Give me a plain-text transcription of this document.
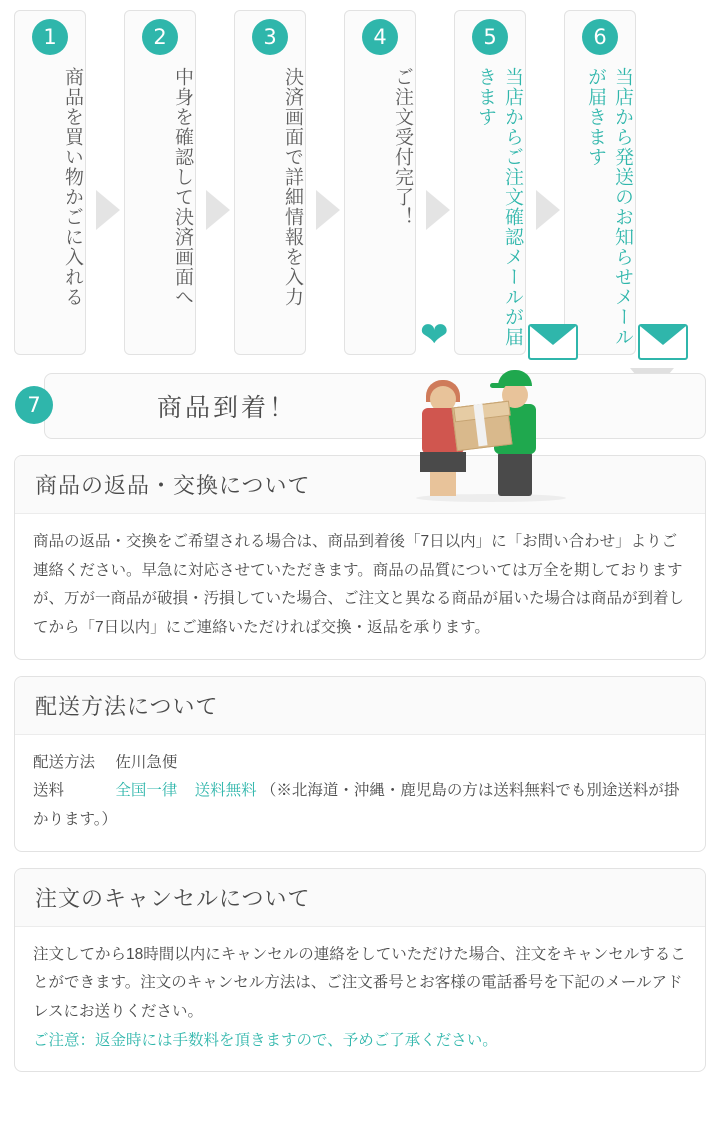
1
商品を買い物かごに入れる
2
中身を確認して決済画面へ
3
決済画面で詳細情報を入力
4
ご注文受付完了！
5
当店からご注文確認メールが届きます
6
当店から発送のお知らせメールが届きます
❤
7	商品到着！
商品の返品・交換について

商品の返品・交換をご希望される場合は、商品到着後「7日以内」に「お問い合わせ」よりご連絡ください。早急に対応させていただきます。商品の品質については万全を期しておりますが、万が一商品が破損・汚損していた場合、ご注文と異なる商品が届いた場合は商品が到着してから「7日以内」にご連絡いただければ交換・返品を承ります。

配送方法について

配送方法 佐川急便

送料	全国一律 送料無料 （※北海道・沖縄・鹿児島の方は送料無料でも別途送料が掛かります。）

注文のキャンセルについて

注文してから18時間以内にキャンセルの連絡をしていただけた場合、注文をキャンセルすることができます。注文のキャンセル方法は、ご注文番号とお客様の電話番号を下記のメールアドレスにお送りください。

ご注意：返金時には手数料を頂きますので、予めご了承ください。
